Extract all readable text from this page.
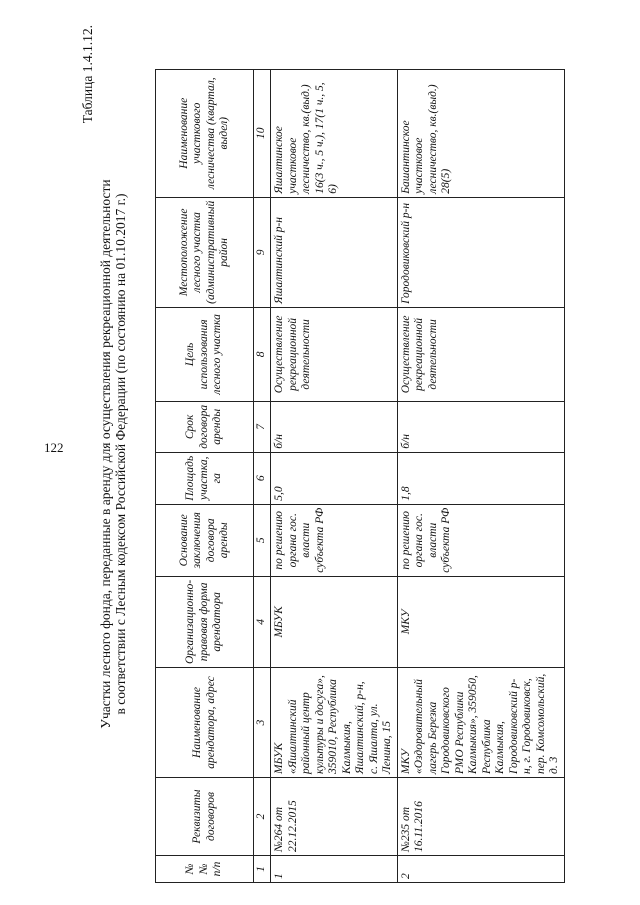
122
Таблица 1.4.1.12.
Участки лесного фонда, переданные в аренду для осуществления рекреационной деятельности в соответствии с Лесным кодексом Российской Федерации (по состоянию на 01.10.2017 г.)
№№ п/п	Реквизиты договоров	Наименование арендатора, адрес	Организационно-правовая форма арендатора	Основание заключения договора аренды	Площадь участка, га	Срок договора аренды	Цель использования лесного участка	Местоположение лесного участка (административный район	Наименование участкового лесничества (квартал, выдел)
1	2	3	4	5	6	7	8	9	10
1	№264 от 22.12.2015	МБУК «Яшалтинский районный центр культуры и досуга», 359010, Республика Калмыкия, Яшалтинский, р-н, с. Яшалта, ул. Ленина, 15	МБУК	по решению органа гос. власти субъекта РФ	5,0	б/н	Осуществление рекреационной деятельности	Яшалтинский р-н	Яшалтинское участковое лесничество, кв.(выд.) 16(3 ч., 5 ч.), 17(1 ч., 5, 6)
2	№235 от 16.11.2016	МКУ «Оздоровительный лагерь Березка Городовиковского РМО Республики Калмыкия», 359050, Республика Калмыкия, Городовиковский р-н, г. Городовиковск, пер. Комсомольский, д. 3	МКУ	по решению органа гос. власти субъекта РФ	1,8	б/н	Осуществление рекреационной деятельности	Городовиковский р-н	Башантинское участковое лесничество, кв.(выд.) 28(5)
